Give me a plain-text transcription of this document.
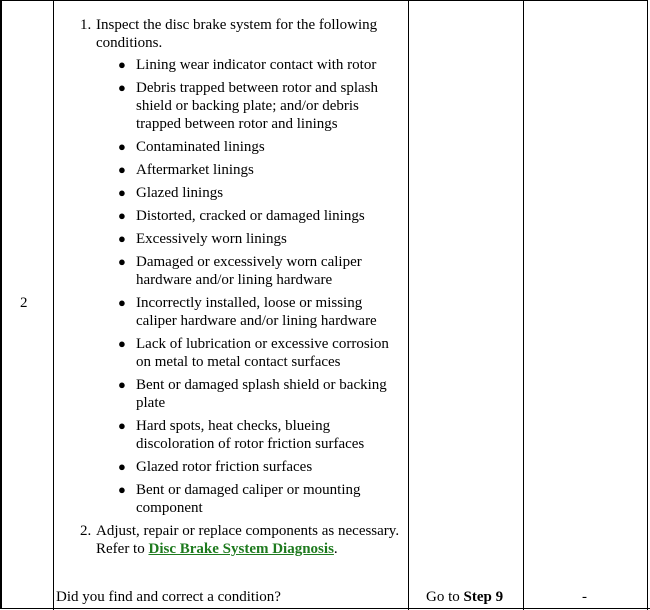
2
1. Inspect the disc brake system for the following conditions.
● Lining wear indicator contact with rotor
● Debris trapped between rotor and splash shield or backing plate; and/or debris trapped between rotor and linings
● Contaminated linings
● Aftermarket linings
● Glazed linings
● Distorted, cracked or damaged linings
● Excessively worn linings
● Damaged or excessively worn caliper hardware and/or lining hardware
● Incorrectly installed, loose or missing caliper hardware and/or lining hardware
● Lack of lubrication or excessive corrosion on metal to metal contact surfaces
● Bent or damaged splash shield or backing plate
● Hard spots, heat checks, blueing discoloration of rotor friction surfaces
● Glazed rotor friction surfaces
● Bent or damaged caliper or mounting component
2. Adjust, repair or replace components as necessary. Refer to Disc Brake System Diagnosis.
Did you find and correct a condition?	Go to Step 9	-
